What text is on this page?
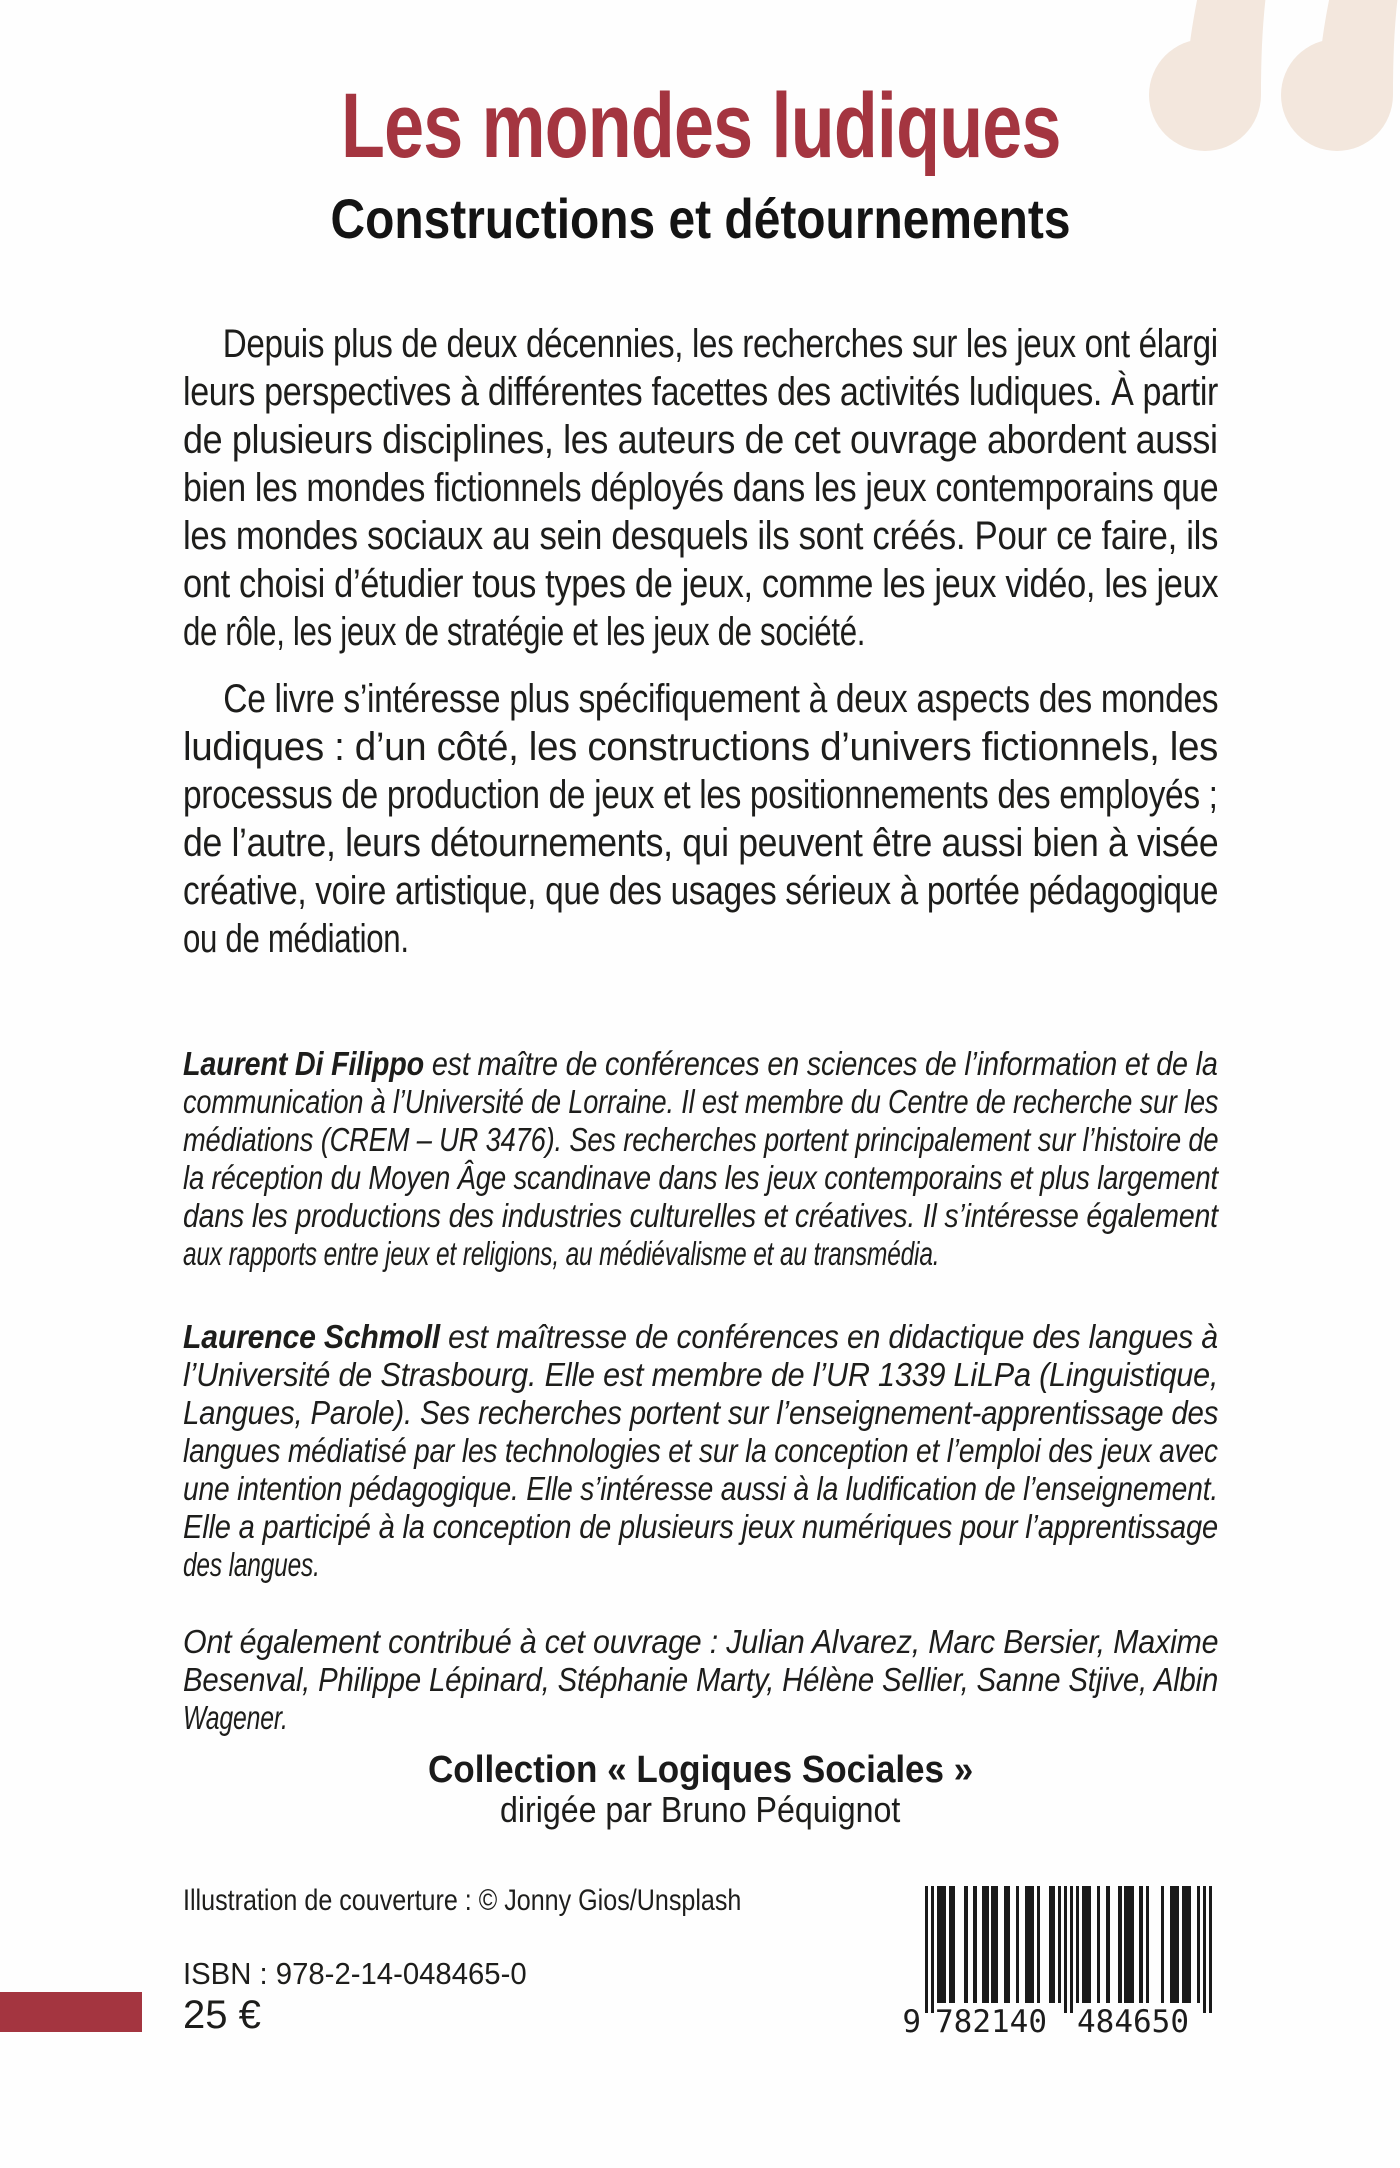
Les mondes ludiques
Constructions et détournements
Depuis plus de deux décennies, les recherches sur les jeux ont élargi
leurs perspectives à différentes facettes des activités ludiques. À partir
de plusieurs disciplines, les auteurs de cet ouvrage abordent aussi
bien les mondes fictionnels déployés dans les jeux contemporains que
les mondes sociaux au sein desquels ils sont créés. Pour ce faire, ils
ont choisi d’étudier tous types de jeux, comme les jeux vidéo, les jeux
de rôle, les jeux de stratégie et les jeux de société.
Ce livre s’intéresse plus spécifiquement à deux aspects des mondes
ludiques : d’un côté, les constructions d’univers fictionnels, les
processus de production de jeux et les positionnements des employés ;
de l’autre, leurs détournements, qui peuvent être aussi bien à visée
créative, voire artistique, que des usages sérieux à portée pédagogique
ou de médiation.
Laurent Di Filippo est maître de conférences en sciences de l’information et de la
communication à l’Université de Lorraine. Il est membre du Centre de recherche sur les
médiations (CREM – UR 3476). Ses recherches portent principalement sur l’histoire de
la réception du Moyen Âge scandinave dans les jeux contemporains et plus largement
dans les productions des industries culturelles et créatives. Il s’intéresse également
aux rapports entre jeux et religions, au médiévalisme et au transmédia.
Laurence Schmoll est maîtresse de conférences en didactique des langues à
l’Université de Strasbourg. Elle est membre de l’UR 1339 LiLPa (Linguistique,
Langues, Parole). Ses recherches portent sur l’enseignement-apprentissage des
langues médiatisé par les technologies et sur la conception et l’emploi des jeux avec
une intention pédagogique. Elle s’intéresse aussi à la ludification de l’enseignement.
Elle a participé à la conception de plusieurs jeux numériques pour l’apprentissage
des langues.
Ont également contribué à cet ouvrage : Julian Alvarez, Marc Bersier, Maxime
Besenval, Philippe Lépinard, Stéphanie Marty, Hélène Sellier, Sanne Stjive, Albin
Wagener.
Collection « Logiques Sociales »
dirigée par Bruno Péquignot
Illustration de couverture : © Jonny Gios/Unsplash
ISBN : 978-2-14-048465-0
25 €	9 782140 484650
